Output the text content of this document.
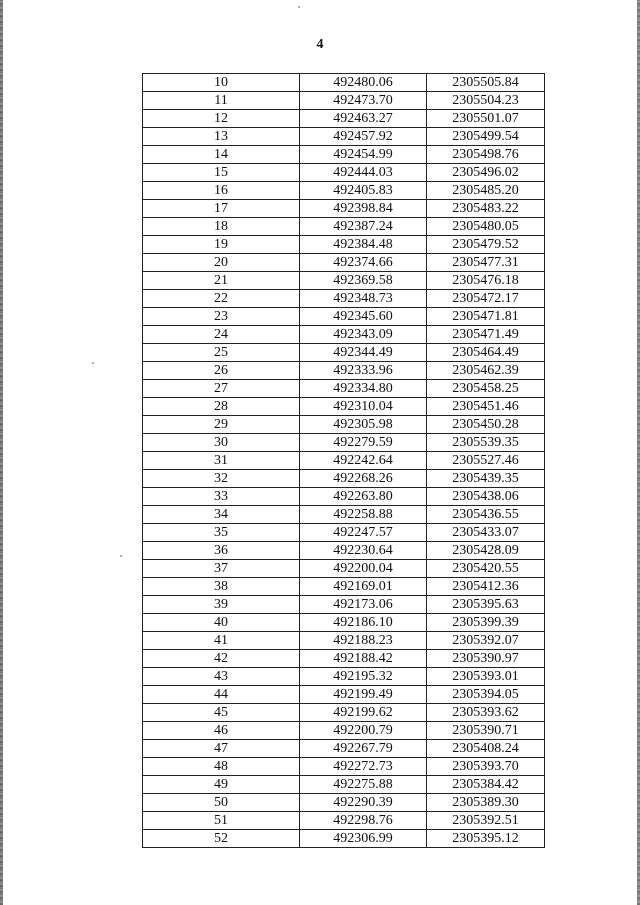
4
10	492480.06	2305505.84
11	492473.70	2305504.23
12	492463.27	2305501.07
13	492457.92	2305499.54
14	492454.99	2305498.76
15	492444.03	2305496.02
16	492405.83	2305485.20
17	492398.84	2305483.22
18	492387.24	2305480.05
19	492384.48	2305479.52
20	492374.66	2305477.31
21	492369.58	2305476.18
22	492348.73	2305472.17
23	492345.60	2305471.81
24	492343.09	2305471.49
25	492344.49	2305464.49
26	492333.96	2305462.39
27	492334.80	2305458.25
28	492310.04	2305451.46
29	492305.98	2305450.28
30	492279.59	2305539.35
31	492242.64	2305527.46
32	492268.26	2305439.35
33	492263.80	2305438.06
34	492258.88	2305436.55
35	492247.57	2305433.07
36	492230.64	2305428.09
37	492200.04	2305420.55
38	492169.01	2305412.36
39	492173.06	2305395.63
40	492186.10	2305399.39
41	492188.23	2305392.07
42	492188.42	2305390.97
43	492195.32	2305393.01
44	492199.49	2305394.05
45	492199.62	2305393.62
46	492200.79	2305390.71
47	492267.79	2305408.24
48	492272.73	2305393.70
49	492275.88	2305384.42
50	492290.39	2305389.30
51	492298.76	2305392.51
52	492306.99	2305395.12
